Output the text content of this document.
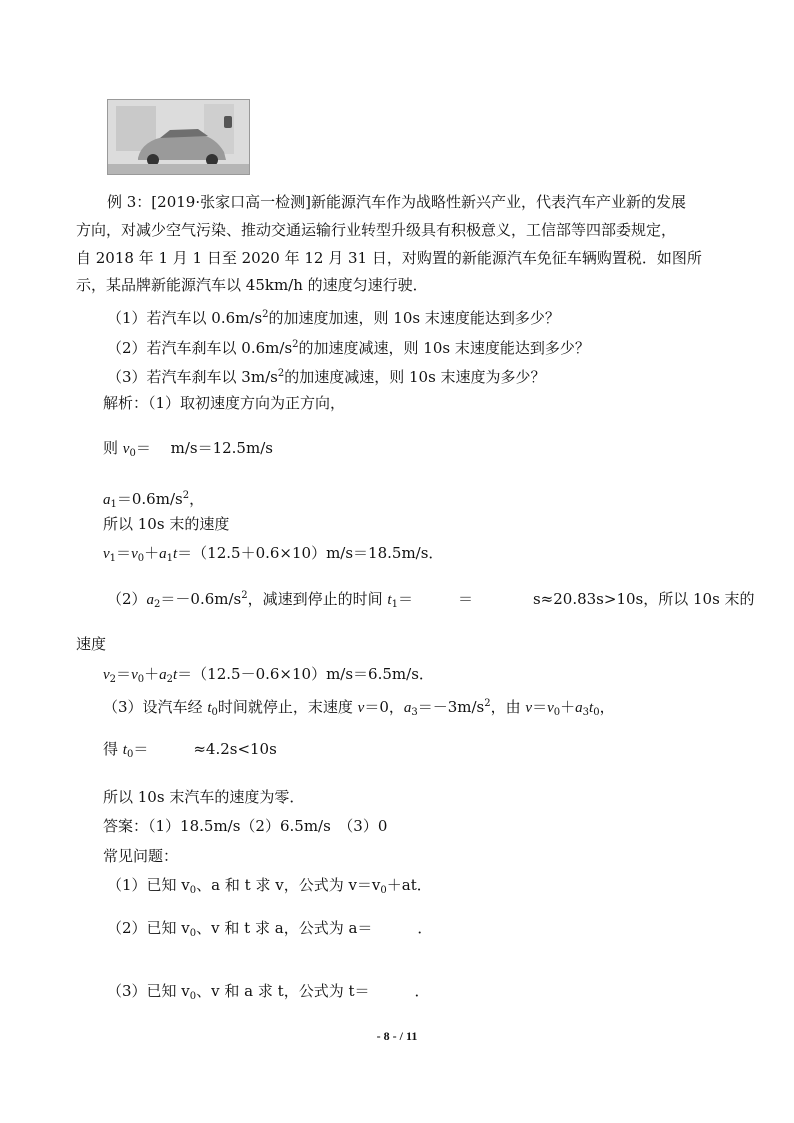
例 3：[2019·张家口高一检测]新能源汽车作为战略性新兴产业，代表汽车产业新的发展
方向，对减少空气污染、推动交通运输行业转型升级具有积极意义，工信部等四部委规定，
自 2018 年 1 月 1 日至 2020 年 12 月 31 日，对购置的新能源汽车免征车辆购置税．如图所
示，某品牌新能源汽车以 45km/h 的速度匀速行驶．
（1）若汽车以 $0.6m/s^2$的加速度加速，则 10s 末速度能达到多少？
（2）若汽车刹车以 $0.6m/s^2$的加速度减速，则 10s 末速度能达到多少？
（3）若汽车刹车以 $3m/s^2$的加速度减速，则 10s 末速度为多少？
解析：（1）取初速度方向为正方向，
则 $v_0=$　 m/s＝12.5m/s
$a_1=0.6m/s^2$，
所以 10s 末的速度
$v_1=v_0+a_1t=(12.5+0.6\times 10)m/s=18.5m/s$．
$(2)a_2=-0.6m/s^2$，减速到停止的时间 $t_1=$　　　＝　　　　s≈20.83s>10s，所以 10s 末的
速度
$v_2=v_0+a_2t=(12.5-0.6\times 10)m/s=6.5m/s$．
（3）设汽车经 $t_0$时间就停止，末速度 v＝0，$a_3=-3m/s^2$，由 $v=v_0+a_3t_0$，
得 $t_0=$　　　≈4.2s<10s
所以 10s 末汽车的速度为零．
答案：（1）18.5m/s（2）6.5m/s　（3）0
常见问题：
（1）已知 $v_0$、a 和 t 求 v，公式为 $v=v_0+at$．
（2）已知 $v_0$、v 和 t 求 a，公式为 a＝　　　．
（3）已知 $v_0$、v 和 a 求 t，公式为 t＝　　　．
- 8 - / 11
